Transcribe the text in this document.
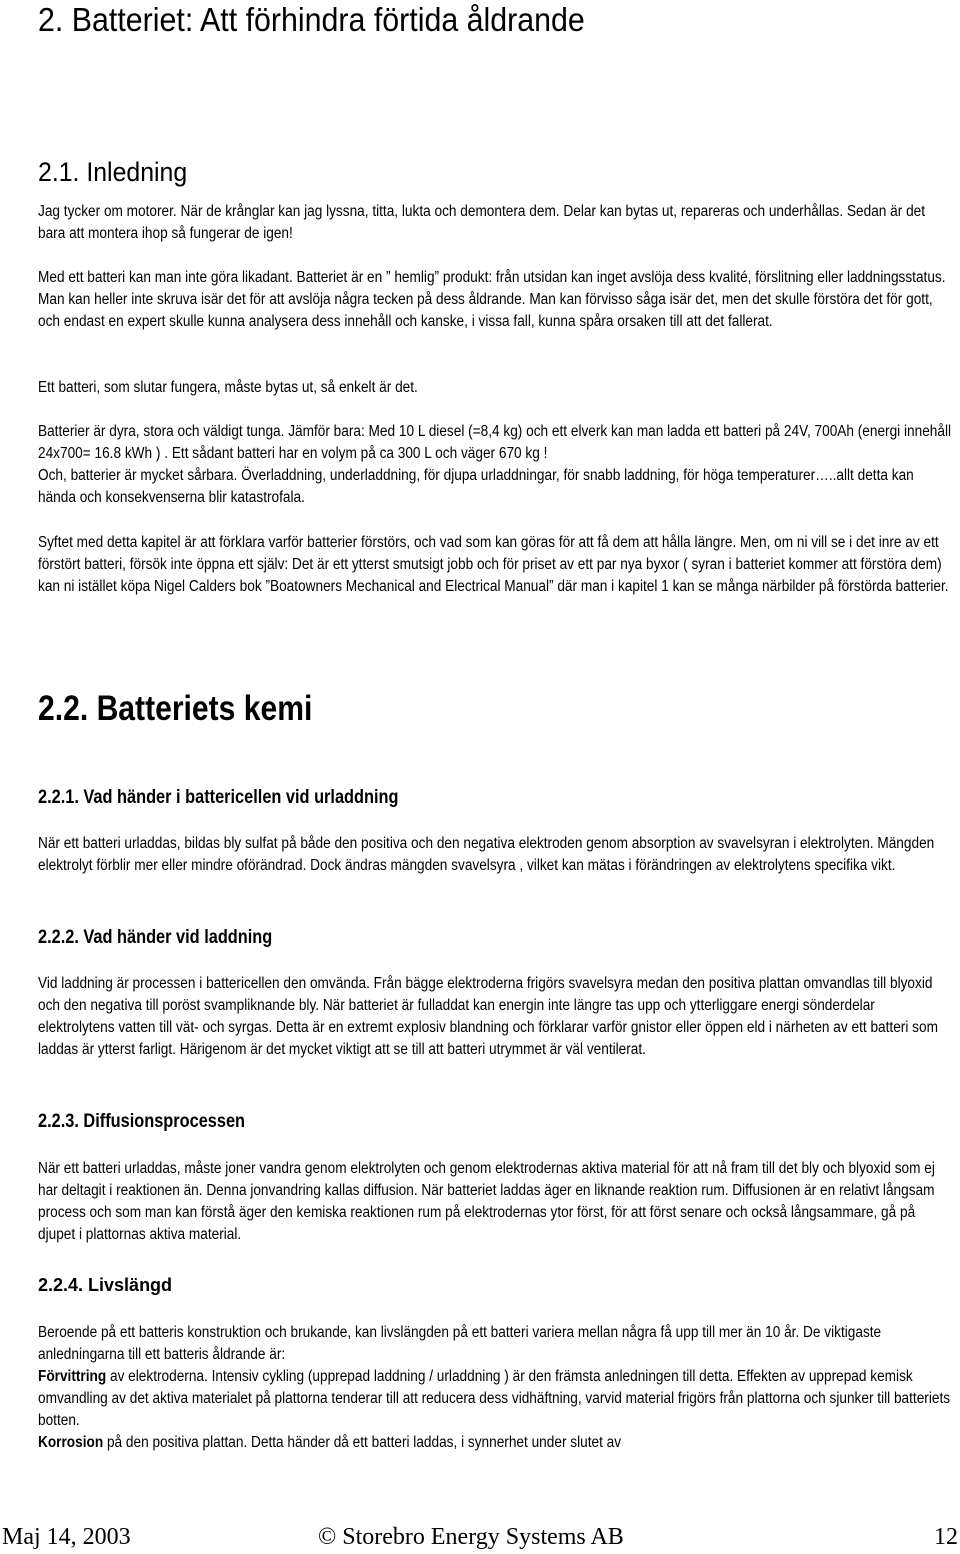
2. Batteriet: Att förhindra förtida åldrande
2.1. Inledning

Jag tycker om motorer. När de krånglar kan jag lyssna, titta, lukta och demontera dem. Delar kan bytas ut, repareras och underhållas. Sedan är det bara att montera ihop så fungerar de igen!

Med ett batteri kan man inte göra likadant. Batteriet är en ” hemlig” produkt: från utsidan kan inget avslöja dess kvalité, förslitning eller laddningsstatus. Man kan heller inte skruva isär det för att avslöja några tecken på dess åldrande. Man kan förvisso såga isär det, men det skulle förstöra det för gott, och endast en expert skulle kunna analysera dess innehåll och kanske, i vissa fall, kunna spåra orsaken till att det fallerat.

Ett batteri, som slutar fungera, måste bytas ut, så enkelt är det.

Batterier är dyra, stora och väldigt tunga. Jämför bara: Med 10 L diesel (=8,4 kg) och ett elverk kan man ladda ett batteri på 24V, 700Ah (energi innehåll 24x700= 16.8 kWh ) . Ett sådant batteri har en volym på ca 300 L och väger 670 kg !

Och, batterier är mycket sårbara. Överladdning, underladdning, för djupa urladdningar, för snabb laddning, för höga temperaturer…..allt detta kan hända och konsekvenserna blir katastrofala.

Syftet med detta kapitel är att förklara varför batterier förstörs, och vad som kan göras för att få dem att hålla längre. Men, om ni vill se i det inre av ett förstört batteri, försök inte öppna ett själv: Det är ett ytterst smutsigt jobb och för priset av ett par nya byxor ( syran i batteriet kommer att förstöra dem) kan ni istället köpa Nigel Calders bok ”Boatowners Mechanical and Electrical Manual” där man i kapitel 1 kan se många närbilder på förstörda batterier.

2.2. Batteriets kemi
2.2.1. Vad händer i battericellen vid urladdning

När ett batteri urladdas, bildas bly sulfat på både den positiva och den negativa elektroden genom absorption av svavelsyran i elektrolyten. Mängden elektrolyt förblir mer eller mindre oförändrad. Dock ändras mängden svavelsyra , vilket kan mätas i förändringen av elektrolytens specifika vikt.

2.2.2. Vad händer vid laddning

Vid laddning är processen i battericellen den omvända. Från bägge elektroderna frigörs svavelsyra medan den positiva plattan omvandlas till blyoxid och den negativa till poröst svampliknande bly. När batteriet är fulladdat kan energin inte längre tas upp och ytterliggare energi sönderdelar elektrolytens vatten till vät- och syrgas. Detta är en extremt explosiv blandning och förklarar varför gnistor eller öppen eld i närheten av ett batteri som laddas är ytterst farligt. Härigenom är det mycket viktigt att se till att batteri utrymmet är väl ventilerat.

2.2.3. Diffusionsprocessen

När ett batteri urladdas, måste joner vandra genom elektrolyten och genom elektrodernas aktiva material för att nå fram till det bly och blyoxid som ej har deltagit i reaktionen än. Denna jonvandring kallas diffusion. När batteriet laddas äger en liknande reaktion rum. Diffusionen är en relativt långsam process och som man kan förstå äger den kemiska reaktionen rum på elektrodernas ytor först, för att först senare och också långsammare, gå på djupet i plattornas aktiva material.

2.2.4. Livslängd

Beroende på ett batteris konstruktion och brukande, kan livslängden på ett batteri variera mellan några få upp till mer än 10 år. De viktigaste anledningarna till ett batteris åldrande är:

Förvittring av elektroderna. Intensiv cykling (upprepad laddning / urladdning ) är den främsta anledningen till detta. Effekten av upprepad kemisk omvandling av det aktiva materialet på plattorna tenderar till att reducera dess vidhäftning, varvid material frigörs från plattorna och sjunker till batteriets botten.

Korrosion på den positiva plattan. Detta händer då ett batteri laddas, i synnerhet under slutet av

Maj 14, 2003	© Storebro Energy Systems AB	12
